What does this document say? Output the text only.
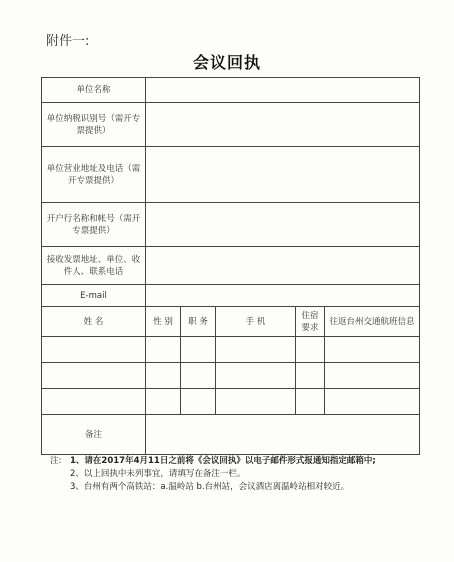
附件一:
会议回执
单位名称					
单位纳税识别号（需开专票提供）					
单位营业地址及电话（需开专票提供）					
开户行名称和帐号（需开专票提供）					
接收发票地址、单位、收件人、联系电话					
E-mail					
姓 名	性 别	职 务	手 机	住宿要求	往返台州交通航班信息

备注					
注: 1、请在2017年4月11日之前将《会议回执》以电子邮件形式报通知指定邮箱中;
2、以上回执中未列事宜，请填写在备注一栏。
3、台州有两个高铁站：a.温岭站 b.台州站，会议酒店离温岭站相对较近。
